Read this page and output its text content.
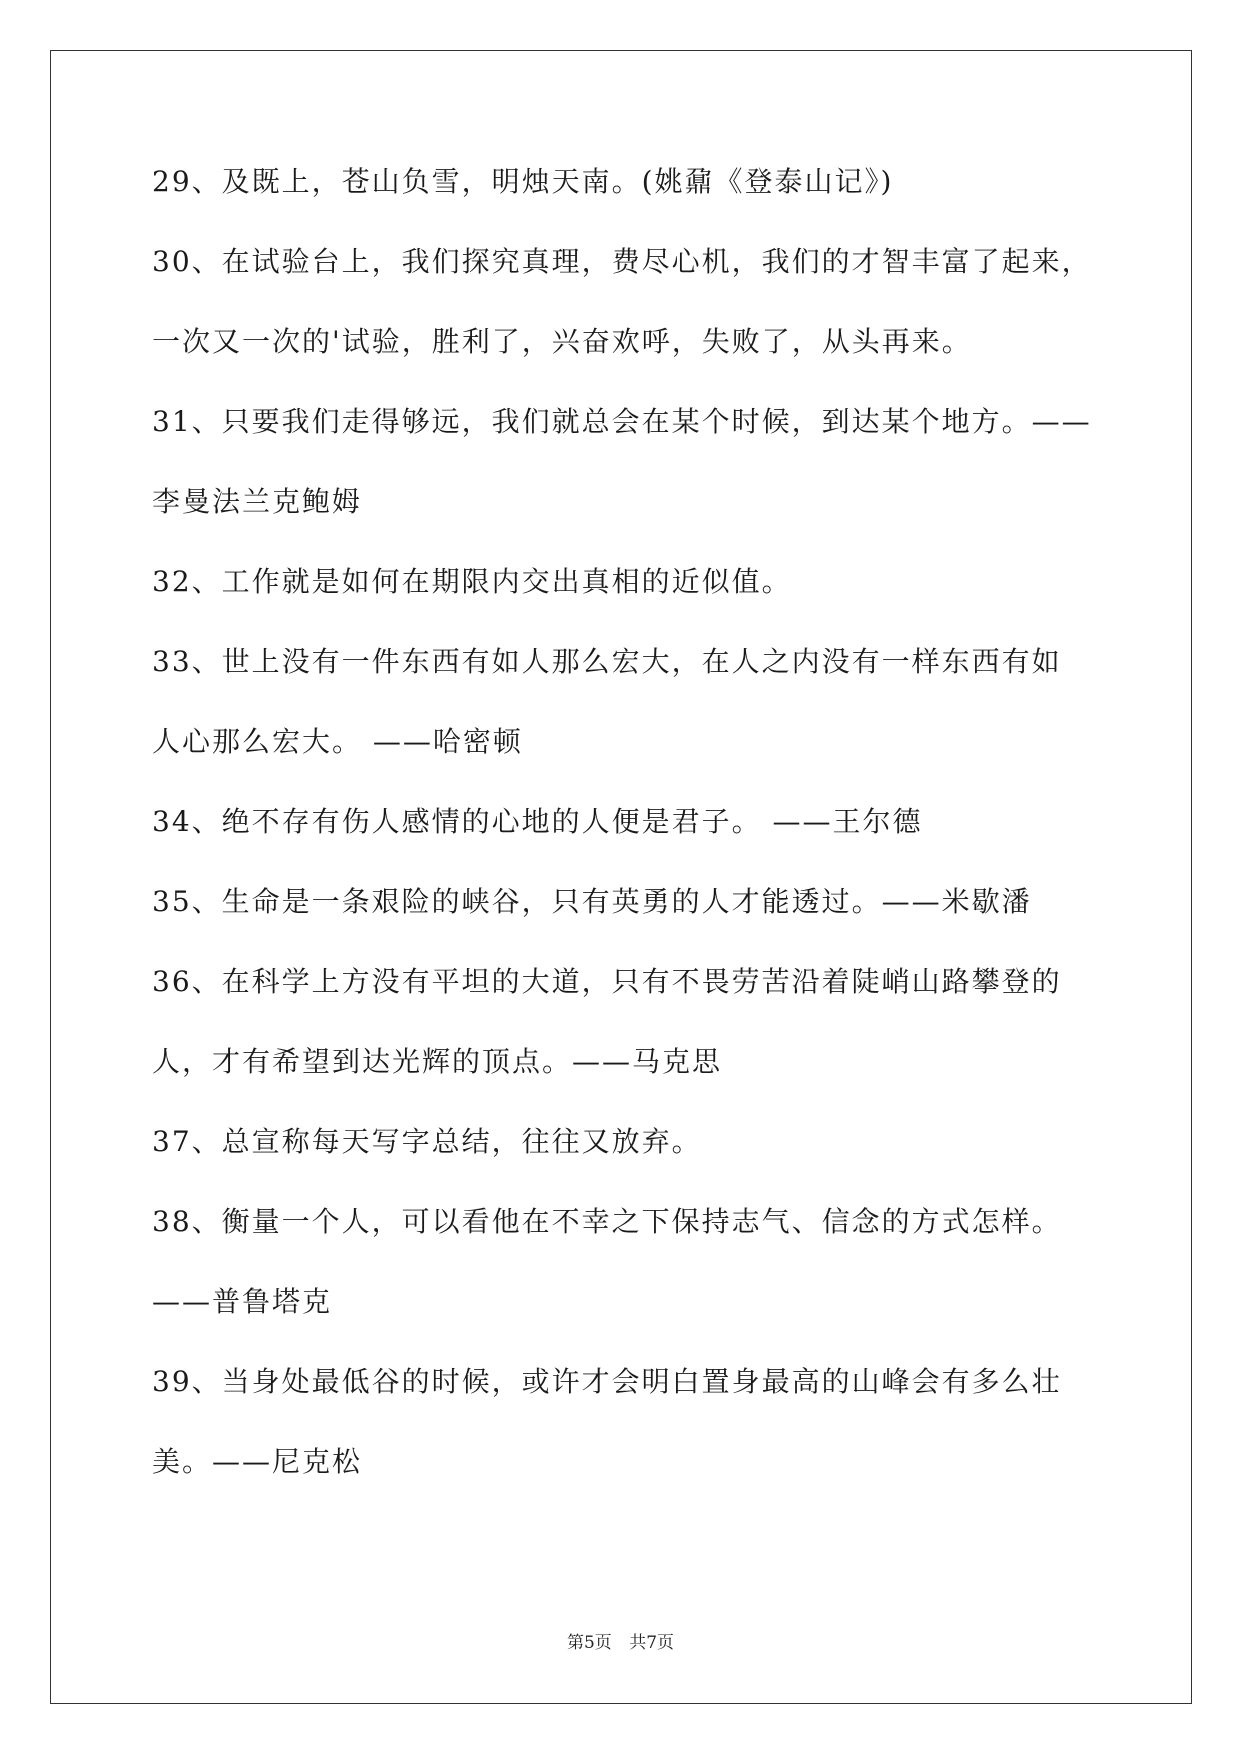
29、及既上，苍山负雪，明烛天南。(姚鼐《登泰山记》)
30、在试验台上，我们探究真理，费尽心机，我们的才智丰富了起来，
一次又一次的'试验，胜利了，兴奋欢呼，失败了，从头再来。
31、只要我们走得够远，我们就总会在某个时候，到达某个地方。——
李曼法兰克鲍姆
32、工作就是如何在期限内交出真相的近似值。
33、世上没有一件东西有如人那么宏大，在人之内没有一样东西有如
人心那么宏大。 ——哈密顿
34、绝不存有伤人感情的心地的人便是君子。 ——王尔德
35、生命是一条艰险的峡谷，只有英勇的人才能透过。——米歇潘
36、在科学上方没有平坦的大道，只有不畏劳苦沿着陡峭山路攀登的
人，才有希望到达光辉的顶点。——马克思
37、总宣称每天写字总结，往往又放弃。
38、衡量一个人，可以看他在不幸之下保持志气、信念的方式怎样。
——普鲁塔克
39、当身处最低谷的时候，或许才会明白置身最高的山峰会有多么壮
美。——尼克松
第5页 共7页
